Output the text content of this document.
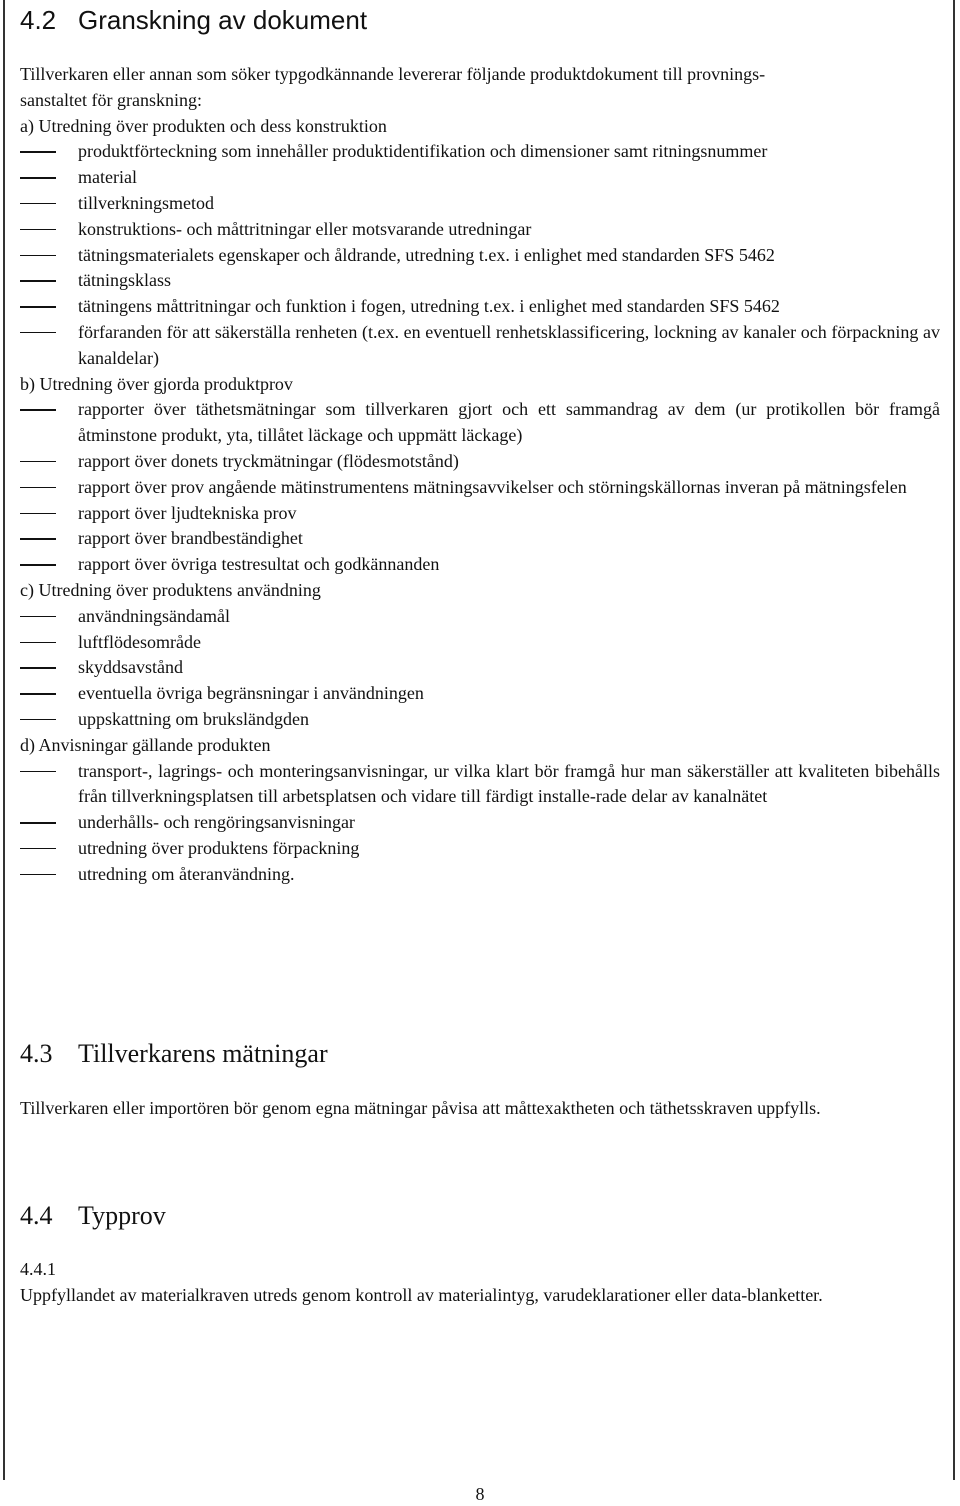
4.2 Granskning av dokument
Tillverkaren eller annan som söker typgodkännande levererar följande produktdokument till provnings-
sanstaltet för granskning:
a) Utredning över produkten och dess konstruktion
produktförteckning som innehåller produktidentifikation och dimensioner samt ritningsnummer
material
tillverkningsmetod
konstruktions- och måttritningar eller motsvarande utredningar
tätningsmaterialets egenskaper och åldrande, utredning t.ex. i enlighet med standarden SFS 5462
tätningsklass
tätningens måttritningar och funktion i fogen, utredning t.ex. i enlighet med standarden SFS 5462
förfaranden för att säkerställa renheten (t.ex. en eventuell renhetsklassificering, lockning av kanaler och förpackning av kanaldelar)
b) Utredning över gjorda produktprov
rapporter över täthetsmätningar som tillverkaren gjort och ett sammandrag av dem (ur protikollen bör framgå åtminstone produkt, yta, tillåtet läckage och uppmätt läckage)
rapport över donets tryckmätningar (flödesmotstånd)
rapport över prov angående mätinstrumentens mätningsavvikelser och störningskällornas inveran på mätningsfelen
rapport över ljudtekniska prov
rapport över brandbeständighet
rapport över övriga testresultat och godkännanden
c) Utredning över produktens användning
användningsändamål
luftflödesområde
skyddsavstånd
eventuella övriga begränsningar i användningen
uppskattning om bruksländgden
d) Anvisningar gällande produkten
transport-, lagrings- och monteringsanvisningar, ur vilka klart bör framgå hur man säkerställer att kvaliteten bibehålls från tillverkningsplatsen till arbetsplatsen och vidare till färdigt installe-rade delar av kanalnätet
underhålls- och rengöringsanvisningar
utredning över produktens förpackning
utredning om återanvändning.
4.3 Tillverkarens mätningar

Tillverkaren eller importören bör genom egna mätningar påvisa att måttexaktheten och täthetsskraven uppfylls.

4.4 Typprov
4.4.1

Uppfyllandet av materialkraven utreds genom kontroll av materialintyg, varudeklarationer eller data-blanketter.

8
